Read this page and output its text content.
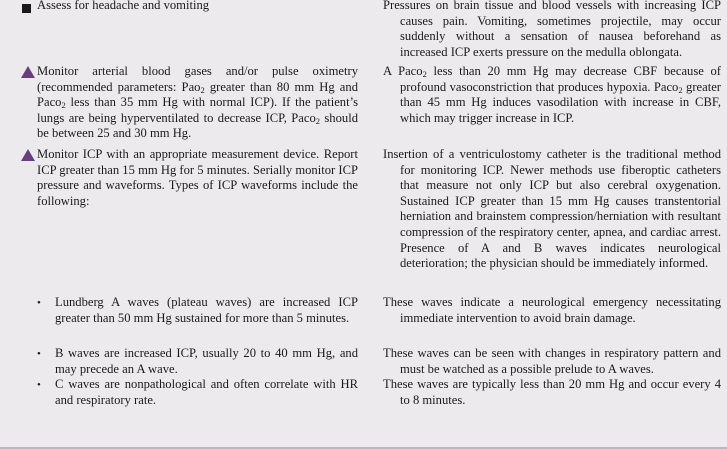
Assess for headache and vomiting	Pressures on brain tissue and blood vessels with increasing ICP causes pain. Vomiting, sometimes projectile, may occur suddenly without a sensation of nausea beforehand as increased ICP exerts pressure on the medulla oblongata.
Monitor arterial blood gases and/or pulse oximetry (recommended parameters: Pao$_2$ greater than 80 mm Hg and Paco$_2$ less than 35 mm Hg with normal ICP). If the patient’s lungs are being hyperventilated to decrease ICP, Paco$_2$ should be between 25 and 30 mm Hg.
A Paco$_2$ less than 20 mm Hg may decrease CBF because of profound vasoconstriction that produces hypoxia. Paco$_2$ greater than 45 mm Hg induces vasodilation with increase in CBF, which may trigger increase in ICP.
Monitor ICP with an appropriate measurement device. Report ICP greater than 15 mm Hg for 5 minutes. Serially monitor ICP pressure and waveforms. Types of ICP waveforms include the following:
Insertion of a ventriculostomy catheter is the traditional method for monitoring ICP. Newer methods use fiberoptic catheters that measure not only ICP but also cerebral oxygenation. Sustained ICP greater than 15 mm Hg causes transtentorial herniation and brainstem compression/herniation with resultant compression of the respiratory center, apnea, and cardiac arrest. Presence of A and B waves indicates neurological deterioration; the physician should be immediately informed.
• Lundberg A waves (plateau waves) are increased ICP greater than 50 mm Hg sustained for more than 5 minutes.
These waves indicate a neurological emergency necessitating immediate intervention to avoid brain damage.
• B waves are increased ICP, usually 20 to 40 mm Hg, and may precede an A wave.
These waves can be seen with changes in respiratory pattern and must be watched as a possible prelude to A waves.
• C waves are nonpathological and often correlate with HR and respiratory rate.
These waves are typically less than 20 mm Hg and occur every 4 to 8 minutes.
